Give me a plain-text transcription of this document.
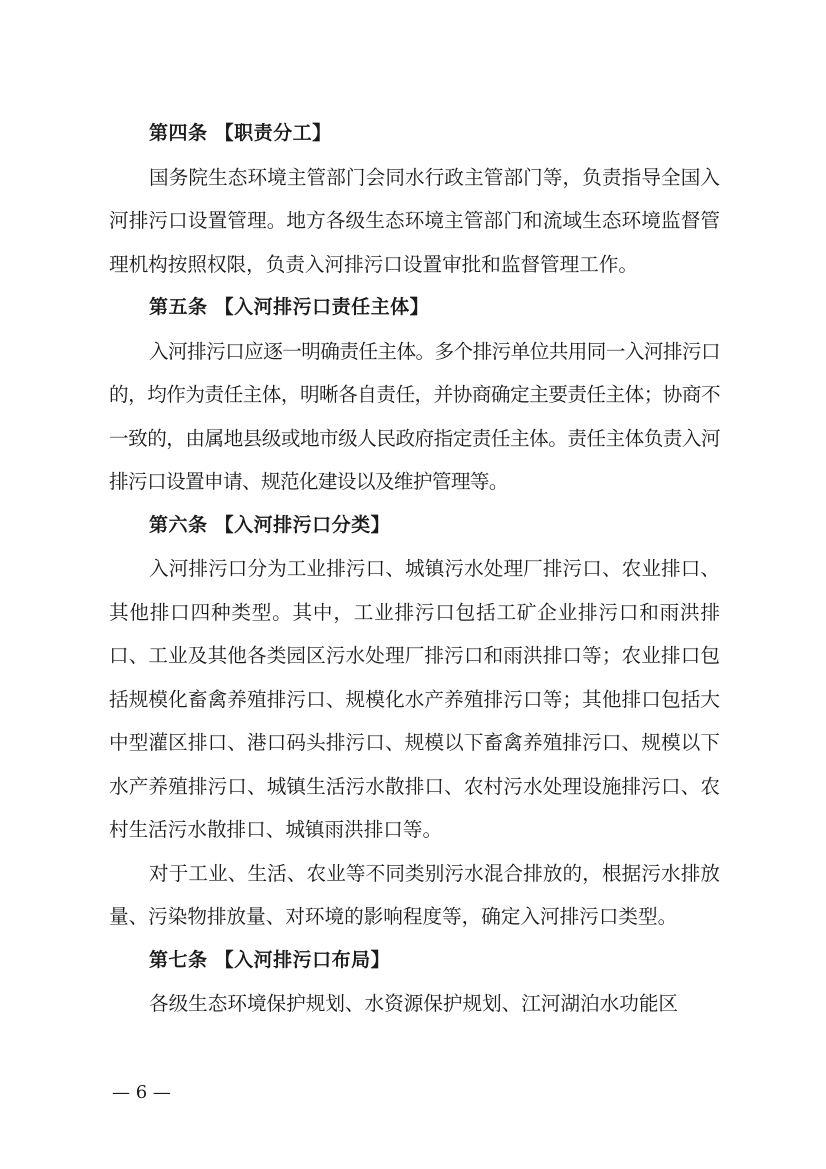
第四条 【职责分工】

国务院生态环境主管部门会同水行政主管部门等，负责指导全国入河排污口设置管理。地方各级生态环境主管部门和流域生态环境监督管理机构按照权限，负责入河排污口设置审批和监督管理工作。

第五条 【入河排污口责任主体】

入河排污口应逐一明确责任主体。多个排污单位共用同一入河排污口的，均作为责任主体，明晰各自责任，并协商确定主要责任主体；协商不一致的，由属地县级或地市级人民政府指定责任主体。责任主体负责入河排污口设置申请、规范化建设以及维护管理等。

第六条 【入河排污口分类】

入河排污口分为工业排污口、城镇污水处理厂排污口、农业排口、其他排口四种类型。其中，工业排污口包括工矿企业排污口和雨洪排口、工业及其他各类园区污水处理厂排污口和雨洪排口等；农业排口包括规模化畜禽养殖排污口、规模化水产养殖排污口等；其他排口包括大中型灌区排口、港口码头排污口、规模以下畜禽养殖排污口、规模以下水产养殖排污口、城镇生活污水散排口、农村污水处理设施排污口、农村生活污水散排口、城镇雨洪排口等。

对于工业、生活、农业等不同类别污水混合排放的，根据污水排放量、污染物排放量、对环境的影响程度等，确定入河排污口类型。

第七条 【入河排污口布局】

各级生态环境保护规划、水资源保护规划、江河湖泊水功能区

— 6 —
